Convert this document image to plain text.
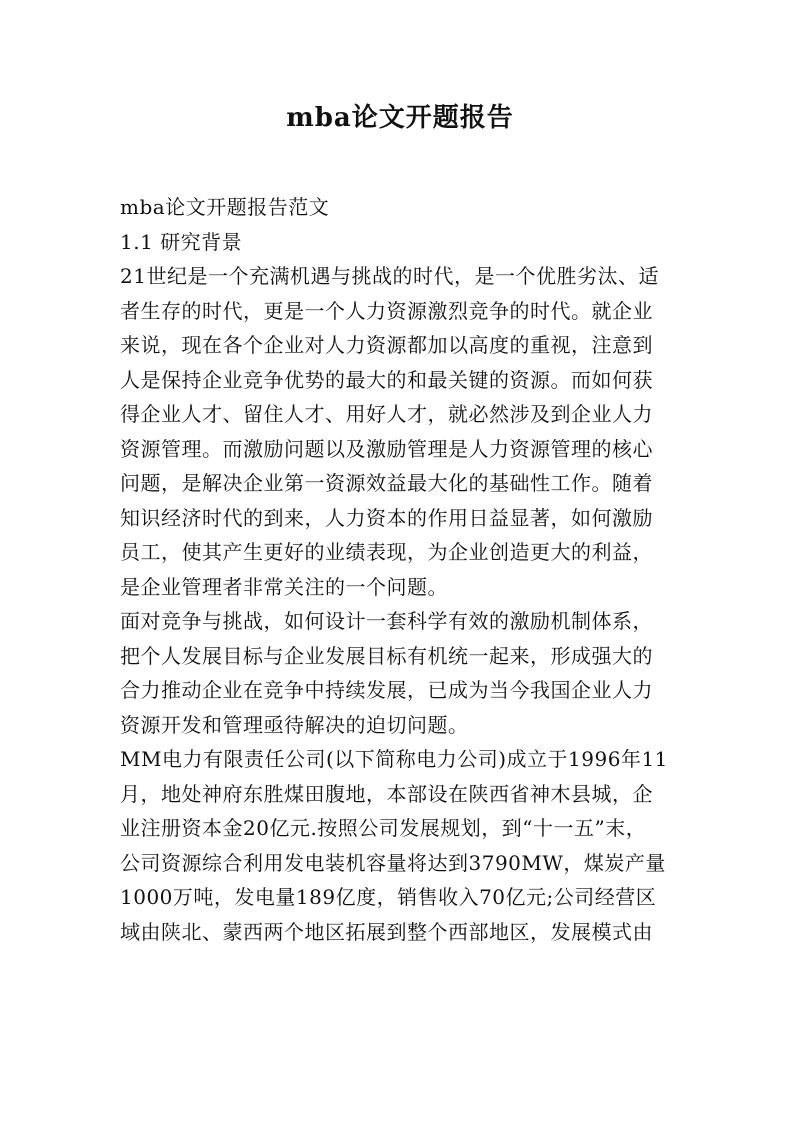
mba论文开题报告
mba论文开题报告范文
1.1 研究背景
21世纪是一个充满机遇与挑战的时代，是一个优胜劣汰、适
者生存的时代，更是一个人力资源激烈竞争的时代。就企业
来说，现在各个企业对人力资源都加以高度的重视，注意到
人是保持企业竞争优势的最大的和最关键的资源。而如何获
得企业人才、留住人才、用好人才，就必然涉及到企业人力
资源管理。而激励问题以及激励管理是人力资源管理的核心
问题，是解决企业第一资源效益最大化的基础性工作。随着
知识经济时代的到来，人力资本的作用日益显著，如何激励
员工，使其产生更好的业绩表现，为企业创造更大的利益，
是企业管理者非常关注的一个问题。
面对竞争与挑战，如何设计一套科学有效的激励机制体系，
把个人发展目标与企业发展目标有机统一起来，形成强大的
合力推动企业在竞争中持续发展，已成为当今我国企业人力
资源开发和管理亟待解决的迫切问题。
MM电力有限责任公司(以下简称电力公司)成立于1996年11
月，地处神府东胜煤田腹地，本部设在陕西省神木县城，企
业注册资本金20亿元.按照公司发展规划，到“十一五”末，
公司资源综合利用发电装机容量将达到3790MW，煤炭产量
1000万吨，发电量189亿度，销售收入70亿元;公司经营区
域由陕北、蒙西两个地区拓展到整个西部地区，发展模式由
